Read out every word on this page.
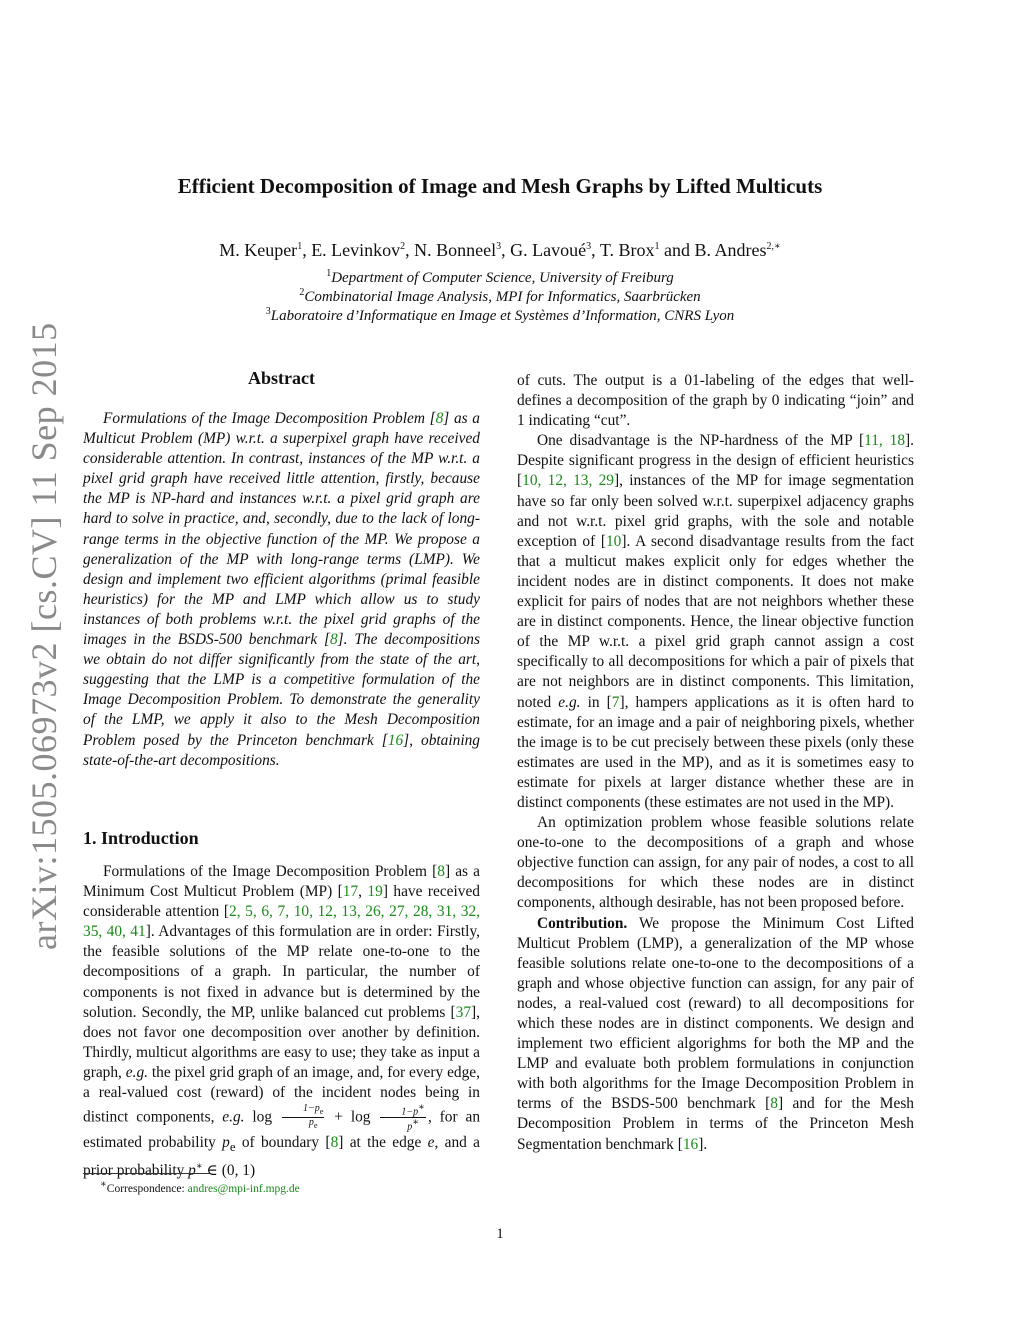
arXiv:1505.06973v2 [cs.CV] 11 Sep 2015
Efficient Decomposition of Image and Mesh Graphs by Lifted Multicuts
M. Keuper$^1$, E. Levinkov$^2$, N. Bonneel$^3$, G. Lavoué$^3$, T. Brox$^1$ and B. Andres$^{2,∗}$
$^1$Department of Computer Science, University of Freiburg
$^2$Combinatorial Image Analysis, MPI for Informatics, Saarbrücken
$^3$Laboratoire d’Informatique en Image et Systèmes d’Information, CNRS Lyon
Abstract

Formulations of the Image Decomposition Problem [8] as a Multicut Problem (MP) w.r.t. a superpixel graph have received considerable attention. In contrast, instances of the MP w.r.t. a pixel grid graph have received little attention, firstly, because the MP is NP-hard and instances w.r.t. a pixel grid graph are hard to solve in practice, and, secondly, due to the lack of long-range terms in the objective function of the MP. We propose a generalization of the MP with long-range terms (LMP). We design and implement two efficient algorithms (primal feasible heuristics) for the MP and LMP which allow us to study instances of both problems w.r.t. the pixel grid graphs of the images in the BSDS-500 benchmark [8]. The decompositions we obtain do not differ significantly from the state of the art, suggesting that the LMP is a competitive formulation of the Image Decomposition Problem. To demonstrate the generality of the LMP, we apply it also to the Mesh Decomposition Problem posed by the Princeton benchmark [16], obtaining state-of-the-art decompositions.

1. Introduction

Formulations of the Image Decomposition Problem [8] as a Minimum Cost Multicut Problem (MP) [17, 19] have received considerable attention [2, 5, 6, 7, 10, 12, 13, 26, 27, 28, 31, 32, 35, 40, 41]. Advantages of this formulation are in order: Firstly, the feasible solutions of the MP relate one-to-one to the decompositions of a graph. In particular, the number of components is not fixed in advance but is determined by the solution. Secondly, the MP, unlike balanced cut problems [37], does not favor one decomposition over another by definition. Thirdly, multicut algorithms are easy to use; they take as input a graph, e.g. the pixel grid graph of an image, and, for every edge, a real-valued cost (reward) of the incident nodes being in distinct components, e.g. $\log \frac{1-p_e}{p_e} + \log \frac{1-p^∗}{p^∗}$ , for an estimated probability $p_e$ of boundary [8] at the edge e, and a prior probability p∗ ∈ (0, 1)

of cuts. The output is a 01-labeling of the edges that well-defines a decomposition of the graph by 0 indicating “join” and 1 indicating “cut”.

One disadvantage is the NP-hardness of the MP [11, 18]. Despite significant progress in the design of efficient heuristics [10, 12, 13, 29], instances of the MP for image segmentation have so far only been solved w.r.t. superpixel adjacency graphs and not w.r.t. pixel grid graphs, with the sole and notable exception of [10]. A second disadvantage results from the fact that a multicut makes explicit only for edges whether the incident nodes are in distinct components. It does not make explicit for pairs of nodes that are not neighbors whether these are in distinct components. Hence, the linear objective function of the MP w.r.t. a pixel grid graph cannot assign a cost specifically to all decompositions for which a pair of pixels that are not neighbors are in distinct components. This limitation, noted e.g. in [7], hampers applications as it is often hard to estimate, for an image and a pair of neighboring pixels, whether the image is to be cut precisely between these pixels (only these estimates are used in the MP), and as it is sometimes easy to estimate for pixels at larger distance whether these are in distinct components (these estimates are not used in the MP).

An optimization problem whose feasible solutions relate one-to-one to the decompositions of a graph and whose objective function can assign, for any pair of nodes, a cost to all decompositions for which these nodes are in distinct components, although desirable, has not been proposed before.

Contribution. We propose the Minimum Cost Lifted Multicut Problem (LMP), a generalization of the MP whose feasible solutions relate one-to-one to the decompositions of a graph and whose objective function can assign, for any pair of nodes, a real-valued cost (reward) to all decompositions for which these nodes are in distinct components. We design and implement two efficient algorighms for both the MP and the LMP and evaluate both problem formulations in conjunction with both algorithms for the Image Decomposition Problem in terms of the BSDS-500 benchmark [8] and for the Mesh Decomposition Problem in terms of the Princeton Mesh Segmentation benchmark [16].

∗Correspondence: andres@mpi-inf.mpg.de
1
